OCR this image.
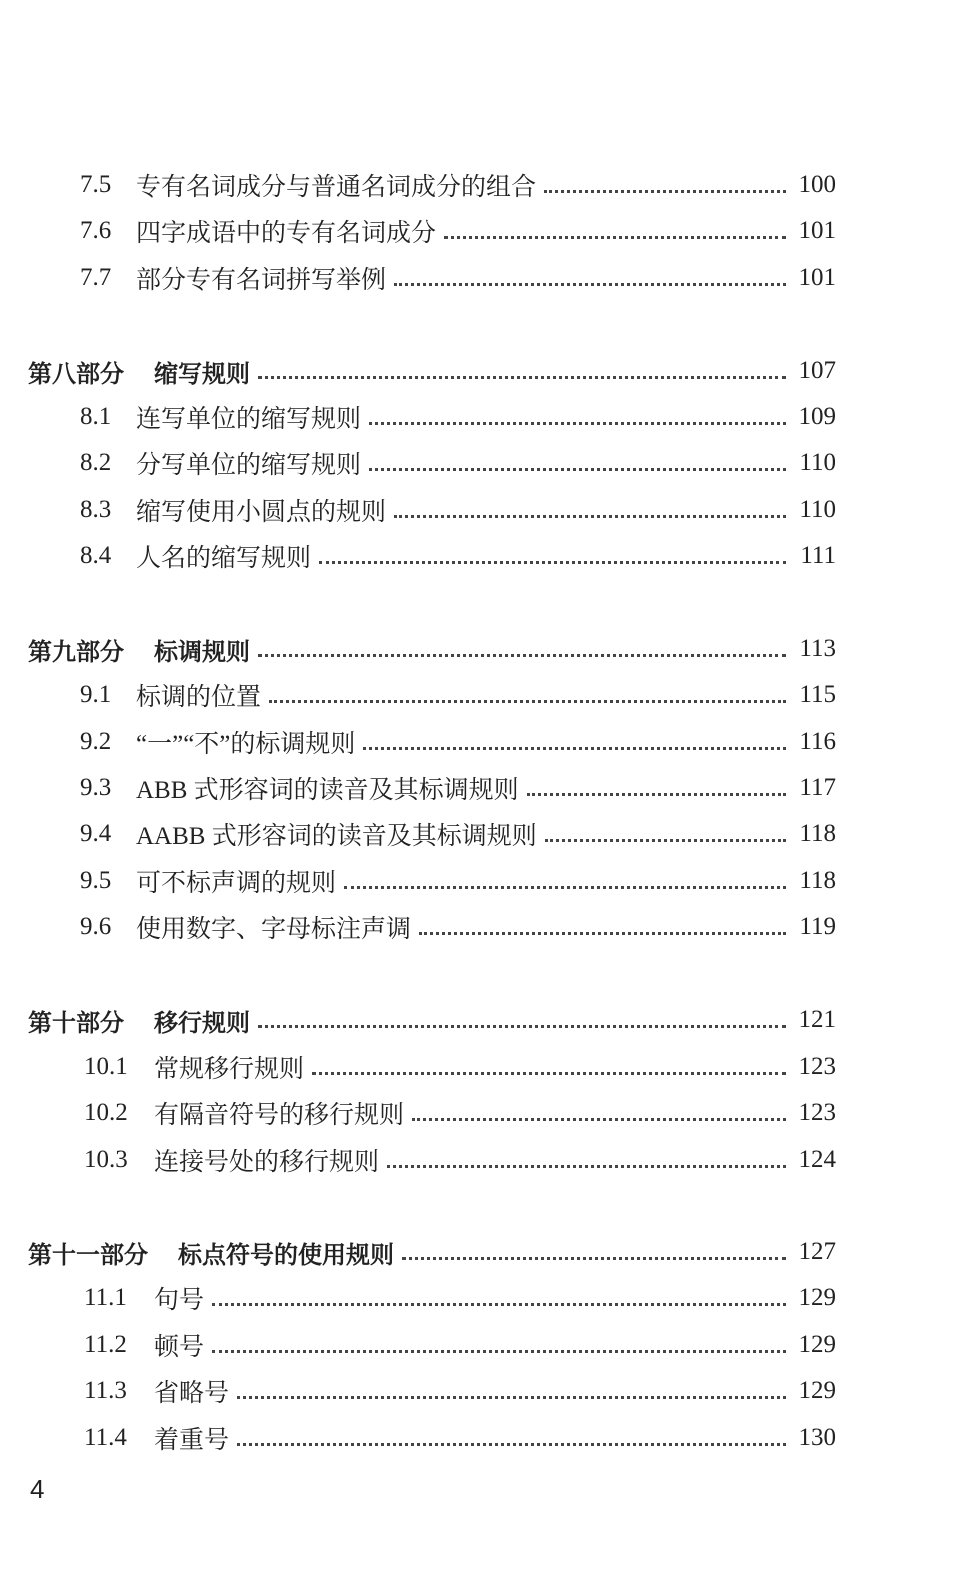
7.5 专有名词成分与普通名词成分的组合	100
7.6 四字成语中的专有名词成分	101
7.7 部分专有名词拼写举例	101
第八部分 缩写规则	107
8.1 连写单位的缩写规则	109
8.2 分写单位的缩写规则	110
8.3 缩写使用小圆点的规则	110
8.4 人名的缩写规则	111
第九部分 标调规则	113
9.1 标调的位置	115
9.2 “一”“不”的标调规则	116
9.3 ABB 式形容词的读音及其标调规则	117
9.4 AABB 式形容词的读音及其标调规则	118
9.5 可不标声调的规则	118
9.6 使用数字、字母标注声调	119
第十部分 移行规则	121
10.1	常规移行规则	123
10.2	有隔音符号的移行规则	123
10.3	连接号处的移行规则	124
第十一部分 标点符号的使用规则	127
11.1	句号	129
11.2	顿号	129
11.3	省略号	129
11.4	着重号	130
4
